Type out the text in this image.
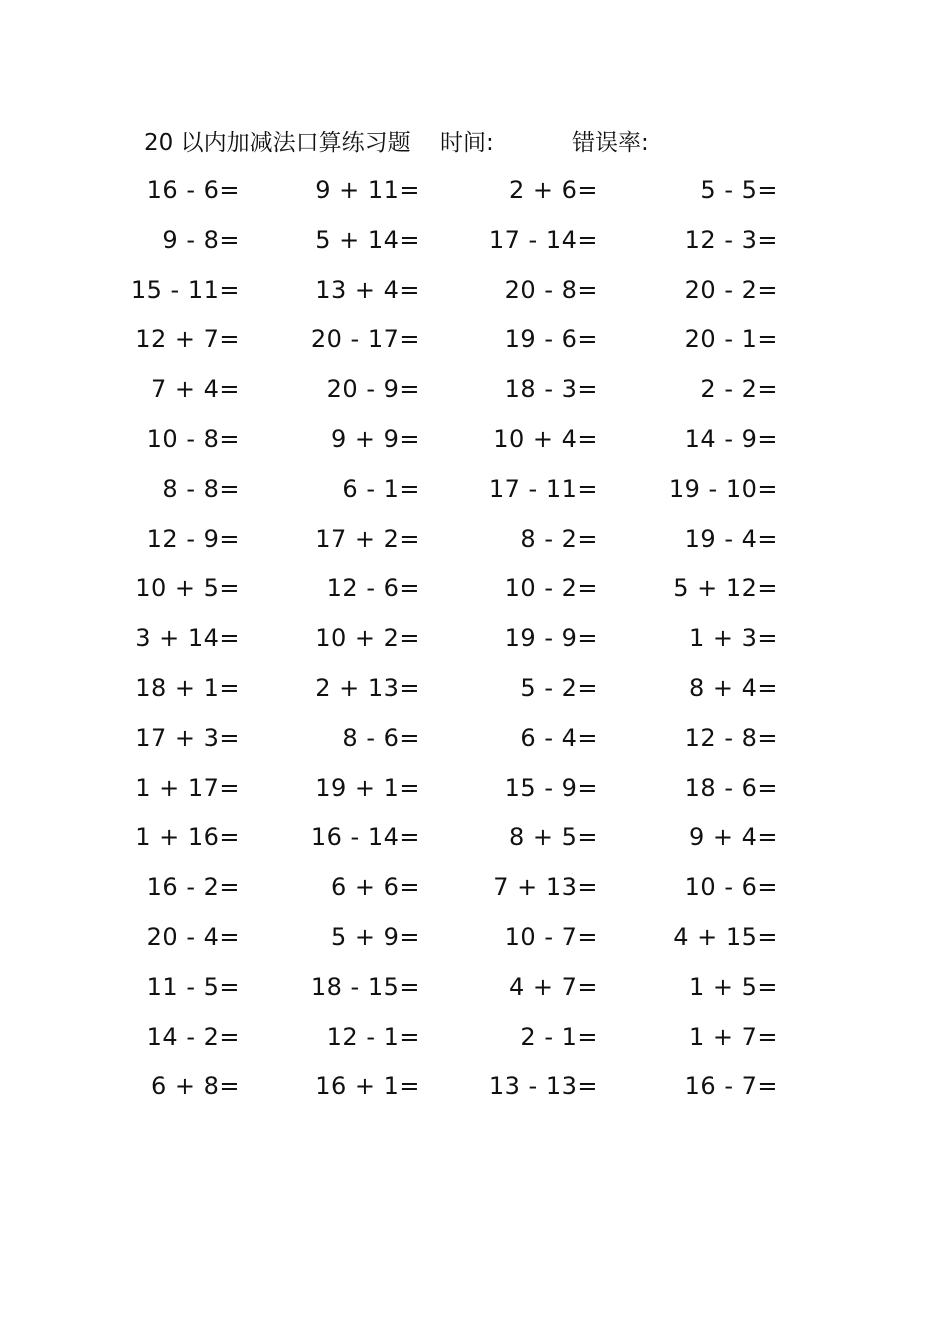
20 以内加减法口算练习题 时间:	错误率:
16 - 6=	9 + 11=	2 + 6=	5 - 5=
9 - 8=	5 + 14=	17 - 14=	12 - 3=
15 - 11=	13 + 4=	20 - 8=	20 - 2=
12 + 7=	20 - 17=	19 - 6=	20 - 1=
7 + 4=	20 - 9=	18 - 3=	2 - 2=
10 - 8=	9 + 9=	10 + 4=	14 - 9=
8 - 8=	6 - 1=	17 - 11=	19 - 10=
12 - 9=	17 + 2=	8 - 2=	19 - 4=
10 + 5=	12 - 6=	10 - 2=	5 + 12=
3 + 14=	10 + 2=	19 - 9=	1 + 3=
18 + 1=	2 + 13=	5 - 2=	8 + 4=
17 + 3=	8 - 6=	6 - 4=	12 - 8=
1 + 17=	19 + 1=	15 - 9=	18 - 6=
1 + 16=	16 - 14=	8 + 5=	9 + 4=
16 - 2=	6 + 6=	7 + 13=	10 - 6=
20 - 4=	5 + 9=	10 - 7=	4 + 15=
11 - 5=	18 - 15=	4 + 7=	1 + 5=
14 - 2=	12 - 1=	2 - 1=	1 + 7=
6 + 8=	16 + 1=	13 - 13=	16 - 7=
